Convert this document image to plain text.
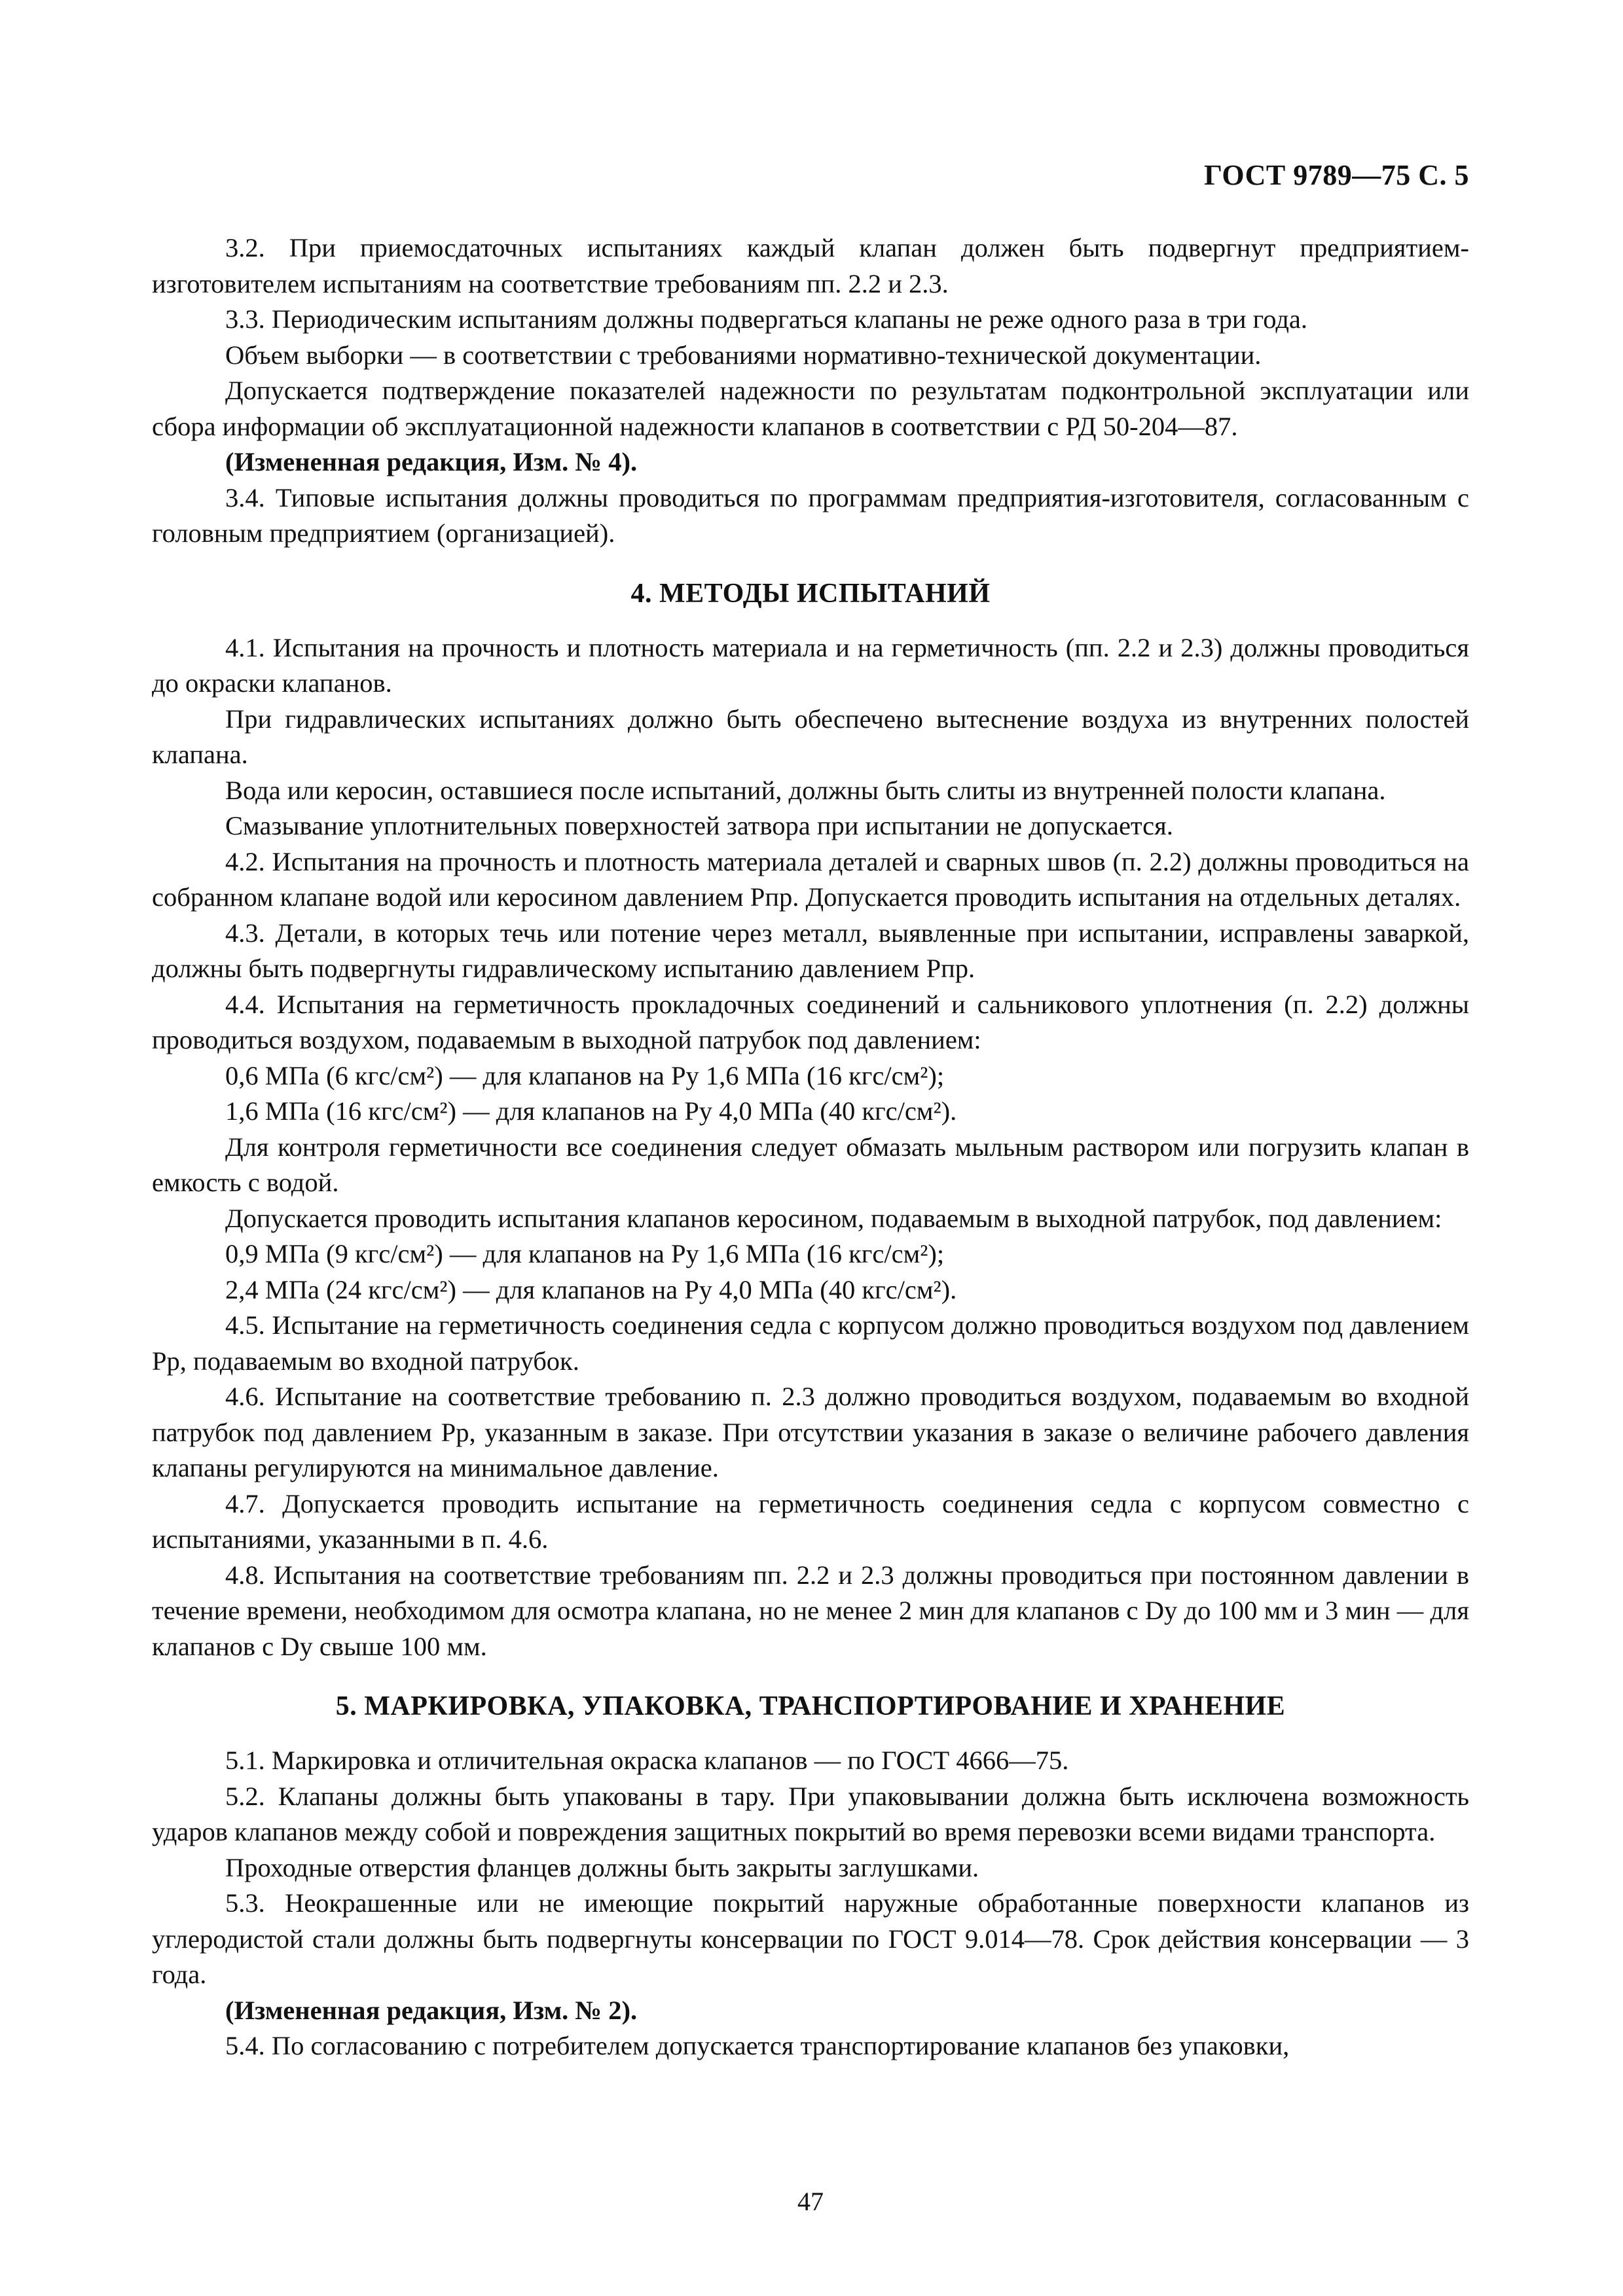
ГОСТ 9789—75 С. 5

3.2. При приемосдаточных испытаниях каждый клапан должен быть подвергнут предприятием-изготовителем испытаниям на соответствие требованиям пп. 2.2 и 2.3.

3.3. Периодическим испытаниям должны подвергаться клапаны не реже одного раза в три года.

Объем выборки — в соответствии с требованиями нормативно-технической документации.

Допускается подтверждение показателей надежности по результатам подконтрольной эксплуатации или сбора информации об эксплуатационной надежности клапанов в соответствии с РД 50-204—87.

(Измененная редакция, Изм. № 4).

3.4. Типовые испытания должны проводиться по программам предприятия-изготовителя, согласованным с головным предприятием (организацией).

4. МЕТОДЫ ИСПЫТАНИЙ

4.1. Испытания на прочность и плотность материала и на герметичность (пп. 2.2 и 2.3) должны проводиться до окраски клапанов.

При гидравлических испытаниях должно быть обеспечено вытеснение воздуха из внутренних полостей клапана.

Вода или керосин, оставшиеся после испытаний, должны быть слиты из внутренней полости клапана.

Смазывание уплотнительных поверхностей затвора при испытании не допускается.

4.2. Испытания на прочность и плотность материала деталей и сварных швов (п. 2.2) должны проводиться на собранном клапане водой или керосином давлением Pпр. Допускается проводить испытания на отдельных деталях.

4.3. Детали, в которых течь или потение через металл, выявленные при испытании, исправлены заваркой, должны быть подвергнуты гидравлическому испытанию давлением Pпр.

4.4. Испытания на герметичность прокладочных соединений и сальникового уплотнения (п. 2.2) должны проводиться воздухом, подаваемым в выходной патрубок под давлением:

0,6 МПа (6 кгс/см²) — для клапанов на Pу 1,6 МПа (16 кгс/см²);

1,6 МПа (16 кгс/см²) — для клапанов на Pу 4,0 МПа (40 кгс/см²).

Для контроля герметичности все соединения следует обмазать мыльным раствором или погрузить клапан в емкость с водой.

Допускается проводить испытания клапанов керосином, подаваемым в выходной патрубок, под давлением:

0,9 МПа (9 кгс/см²) — для клапанов на Pу 1,6 МПа (16 кгс/см²);

2,4 МПа (24 кгс/см²) — для клапанов на Pу 4,0 МПа (40 кгс/см²).

4.5. Испытание на герметичность соединения седла с корпусом должно проводиться воздухом под давлением Pр, подаваемым во входной патрубок.

4.6. Испытание на соответствие требованию п. 2.3 должно проводиться воздухом, подаваемым во входной патрубок под давлением Pр, указанным в заказе. При отсутствии указания в заказе о величине рабочего давления клапаны регулируются на минимальное давление.

4.7. Допускается проводить испытание на герметичность соединения седла с корпусом совместно с испытаниями, указанными в п. 4.6.

4.8. Испытания на соответствие требованиям пп. 2.2 и 2.3 должны проводиться при постоянном давлении в течение времени, необходимом для осмотра клапана, но не менее 2 мин для клапанов с Dу до 100 мм и 3 мин — для клапанов с Dу свыше 100 мм.

5. МАРКИРОВКА, УПАКОВКА, ТРАНСПОРТИРОВАНИЕ И ХРАНЕНИЕ

5.1. Маркировка и отличительная окраска клапанов — по ГОСТ 4666—75.

5.2. Клапаны должны быть упакованы в тару. При упаковывании должна быть исключена возможность ударов клапанов между собой и повреждения защитных покрытий во время перевозки всеми видами транспорта.

Проходные отверстия фланцев должны быть закрыты заглушками.

5.3. Неокрашенные или не имеющие покрытий наружные обработанные поверхности клапанов из углеродистой стали должны быть подвергнуты консервации по ГОСТ 9.014—78. Срок действия консервации — 3 года.

(Измененная редакция, Изм. № 2).

5.4. По согласованию с потребителем допускается транспортирование клапанов без упаковки,

47
